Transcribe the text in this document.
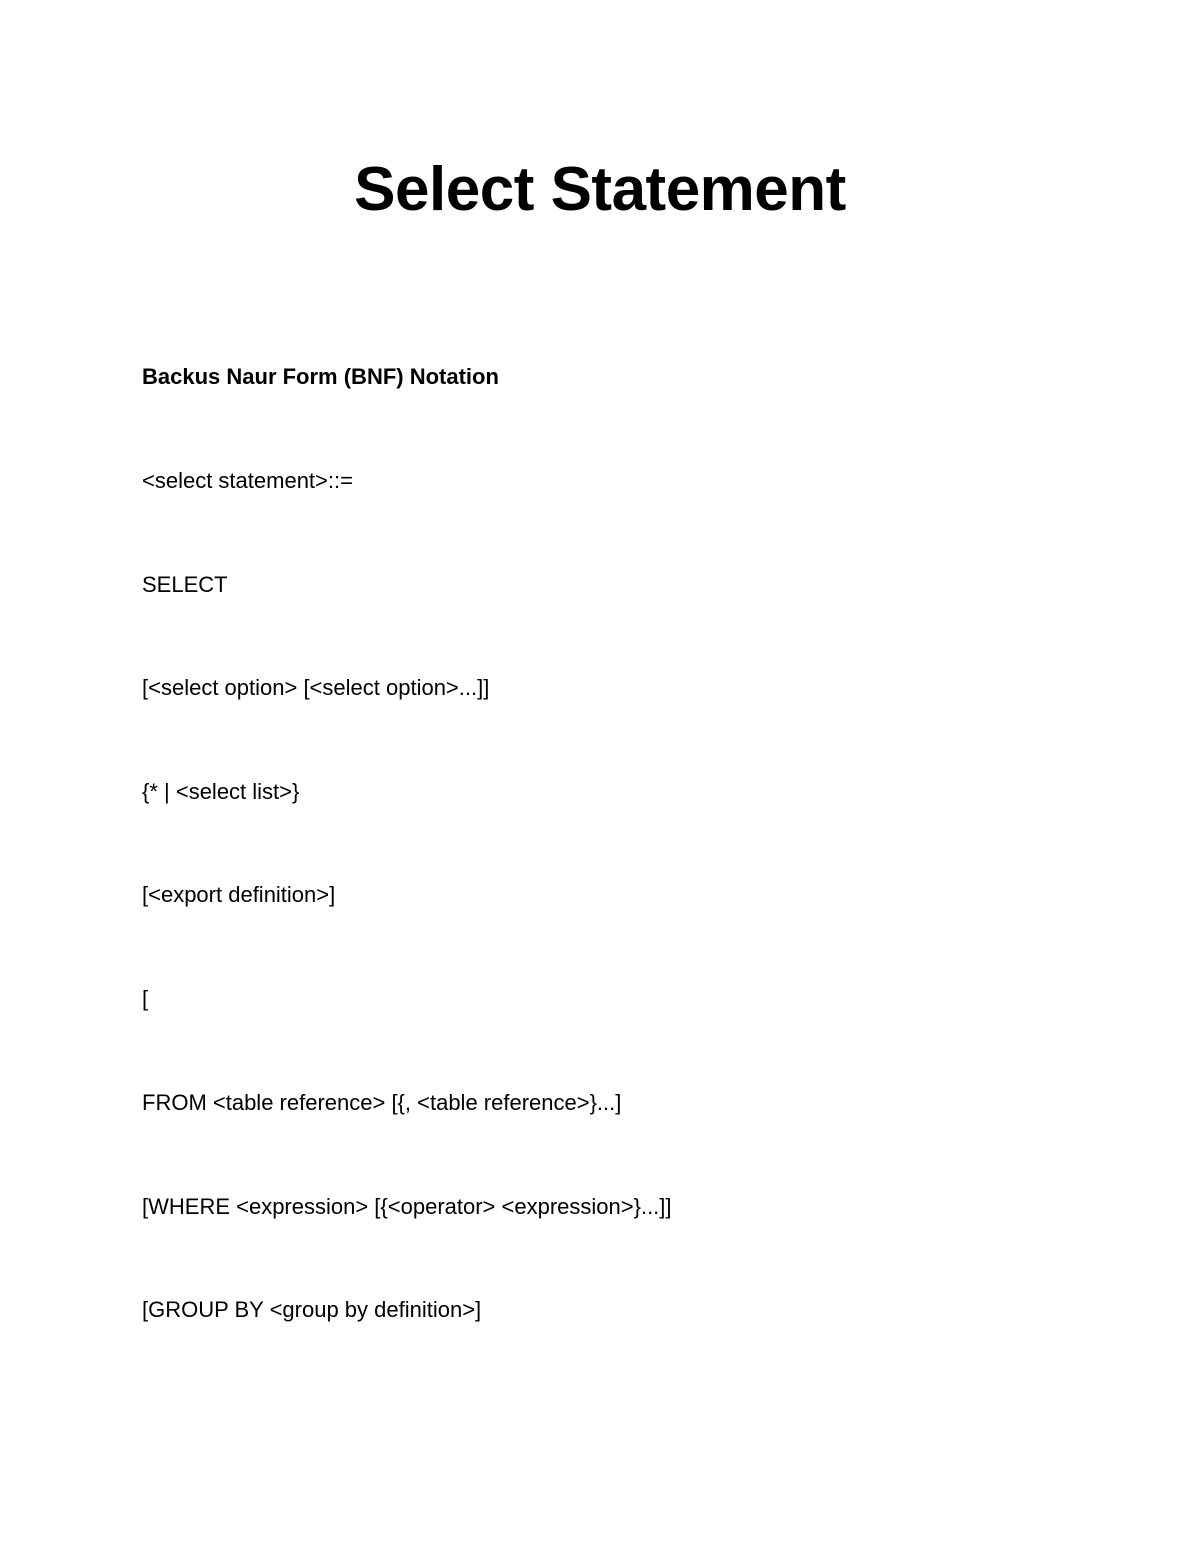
Select Statement
Backus Naur Form (BNF) Notation
<select statement>::=
SELECT
[<select option> [<select option>...]]
{* | <select list>}
[<export definition>]
[
FROM <table reference> [{, <table reference>}...]
[WHERE <expression> [{<operator> <expression>}...]]
[GROUP BY <group by definition>]
